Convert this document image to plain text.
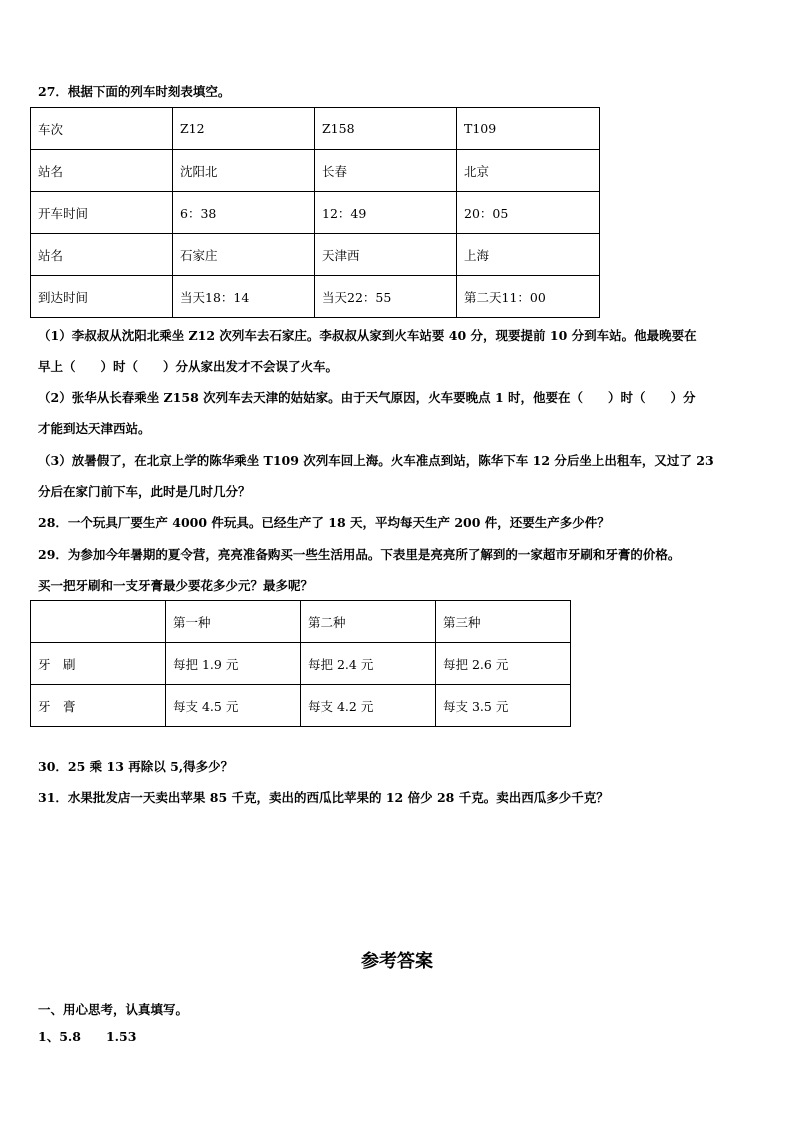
27．根据下面的列车时刻表填空。
车次	Z12	Z158	T109
站名	沈阳北	长春	北京
开车时间	6：38	12：49	20：05
站名	石家庄	天津西	上海
到达时间	当天18：14	当天22：55	第二天11：00
（1）李叔叔从沈阳北乘坐 Z12 次列车去石家庄。李叔叔从家到火车站要 40 分，现要提前 10 分到车站。他最晚要在
早上（　　）时（　　）分从家出发才不会误了火车。
（2）张华从长春乘坐 Z158 次列车去天津的姑姑家。由于天气原因，火车要晚点 1 时，他要在（　　）时（　　）分
才能到达天津西站。
（3）放暑假了，在北京上学的陈华乘坐 T109 次列车回上海。火车准点到站，陈华下车 12 分后坐上出租车，又过了 23
分后在家门前下车，此时是几时几分？
28．一个玩具厂要生产 4000 件玩具。已经生产了 18 天，平均每天生产 200 件，还要生产多少件？
29．为参加今年暑期的夏令营，亮亮准备购买一些生活用品。下表里是亮亮所了解到的一家超市牙刷和牙膏的价格。
买一把牙刷和一支牙膏最少要花多少元？最多呢？
	第一种	第二种	第三种
牙　刷	每把 1.9 元	每把 2.4 元	每把 2.6 元
牙　膏	每支 4.5 元	每支 4.2 元	每支 3.5 元
30．25 乘 13 再除以 5,得多少？
31．水果批发店一天卖出苹果 85 千克，卖出的西瓜比苹果的 12 倍少 28 千克。卖出西瓜多少千克？
参考答案
一、用心思考，认真填写。
1、5.8　　1.53
